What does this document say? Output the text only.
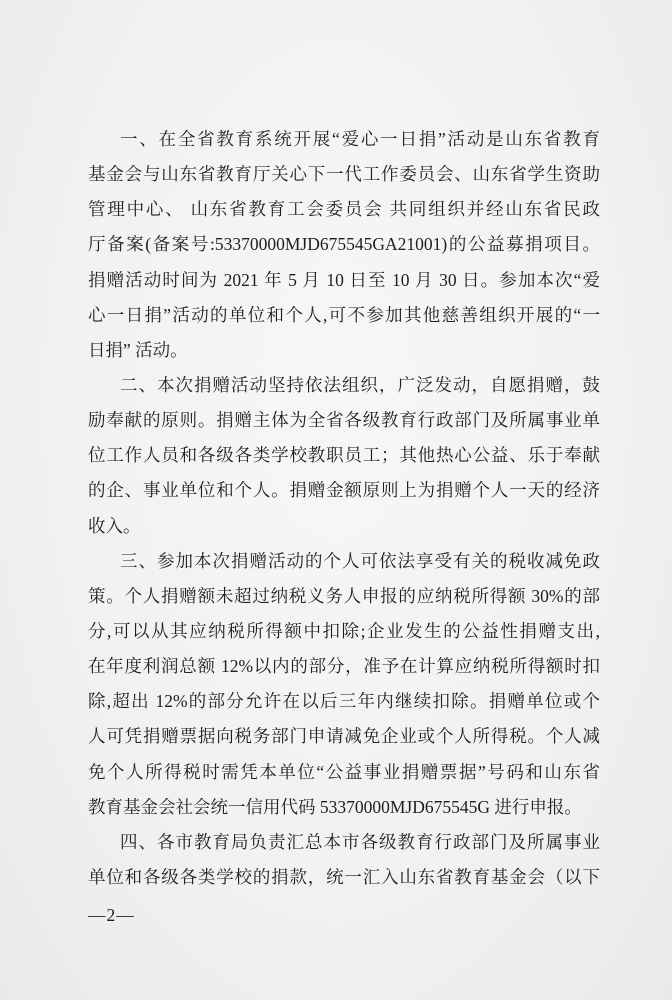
一、在全省教育系统开展“爱心一日捐”活动是山东省教育
基金会与山东省教育厅关心下一代工作委员会、山东省学生资助
管理中心、 山东省教育工会委员会 共同组织并经山东省民政
厅备案(备案号:53370000MJD675545GA21001)的公益募捐项目。
捐赠活动时间为 2021 年 5 月 10 日至 10 月 30 日。参加本次“爱
心一日捐”活动的单位和个人,可不参加其他慈善组织开展的“一
日捐” 活动。
二、本次捐赠活动坚持依法组织，广泛发动，自愿捐赠，鼓
励奉献的原则。捐赠主体为全省各级教育行政部门及所属事业单
位工作人员和各级各类学校教职员工；其他热心公益、乐于奉献
的企、事业单位和个人。捐赠金额原则上为捐赠个人一天的经济
收入。
三、参加本次捐赠活动的个人可依法享受有关的税收减免政
策。个人捐赠额未超过纳税义务人申报的应纳税所得额 30%的部
分,可以从其应纳税所得额中扣除;企业发生的公益性捐赠支出,
在年度利润总额 12%以内的部分，准予在计算应纳税所得额时扣
除,超出 12%的部分允许在以后三年内继续扣除。捐赠单位或个
人可凭捐赠票据向税务部门申请减免企业或个人所得税。个人减
免个人所得税时需凭本单位“公益事业捐赠票据”号码和山东省
教育基金会社会统一信用代码 53370000MJD675545G 进行申报。
四、各市教育局负责汇总本市各级教育行政部门及所属事业
单位和各级各类学校的捐款，统一汇入山东省教育基金会（以下
—2—
